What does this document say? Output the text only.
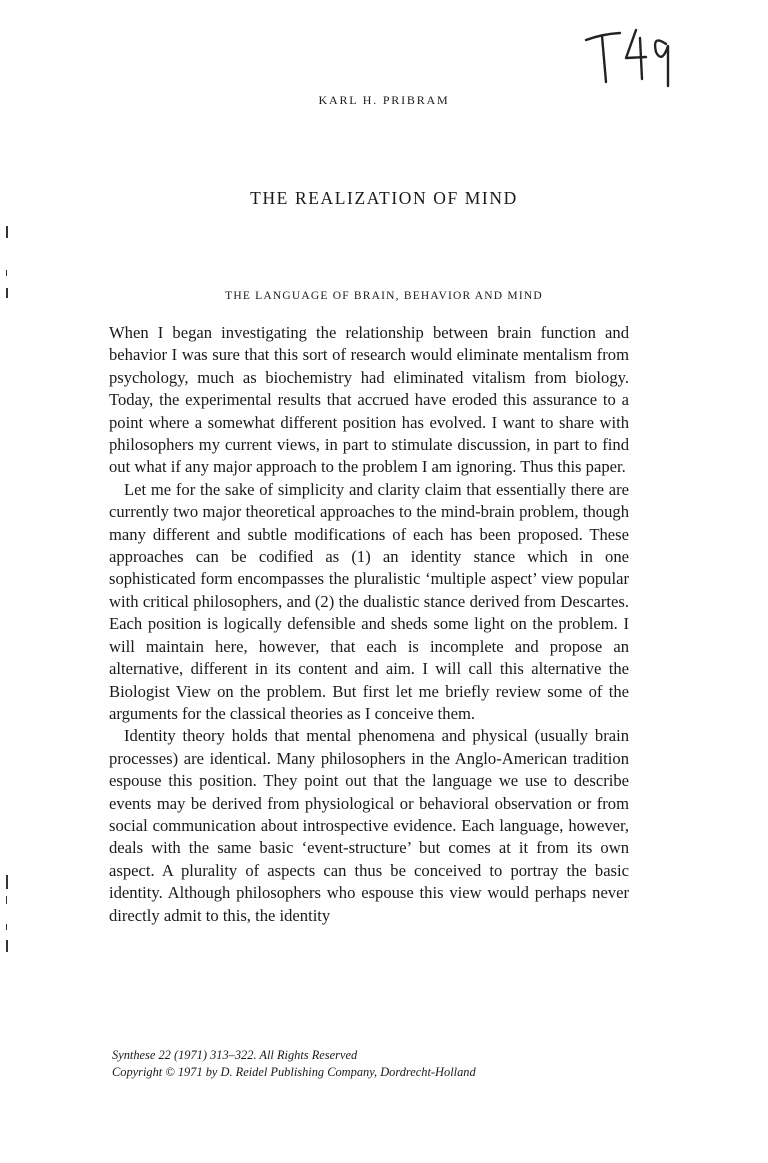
KARL H. PRIBRAM
THE REALIZATION OF MIND
THE LANGUAGE OF BRAIN, BEHAVIOR AND MIND

When I began investigating the relationship between brain function and behavior I was sure that this sort of research would eliminate mentalism from psychology, much as biochemistry had eliminated vitalism from biology. Today, the experimental results that accrued have eroded this assurance to a point where a somewhat different position has evolved. I want to share with philosophers my current views, in part to stimulate discussion, in part to find out what if any major approach to the problem I am ignoring. Thus this paper.

Let me for the sake of simplicity and clarity claim that essentially there are currently two major theoretical approaches to the mind-brain problem, though many different and subtle modifications of each has been proposed. These approaches can be codified as (1) an identity stance which in one sophisticated form encompasses the pluralistic ‘multiple aspect’ view popular with critical philosophers, and (2) the dualistic stance derived from Descartes. Each position is logically defensible and sheds some light on the problem. I will maintain here, however, that each is incomplete and propose an alternative, different in its content and aim. I will call this alternative the Biologist View on the problem. But first let me briefly review some of the arguments for the classical theories as I conceive them.

Identity theory holds that mental phenomena and physical (usually brain processes) are identical. Many philosophers in the Anglo-American tradition espouse this position. They point out that the language we use to describe events may be derived from physiological or behavioral observation or from social communication about introspective evidence. Each language, however, deals with the same basic ‘event-structure’ but comes at it from its own aspect. A plurality of aspects can thus be conceived to portray the basic identity. Although philosophers who espouse this view would perhaps never directly admit to this, the identity

Synthese 22 (1971) 313–322. All Rights Reserved
Copyright © 1971 by D. Reidel Publishing Company, Dordrecht-Holland
